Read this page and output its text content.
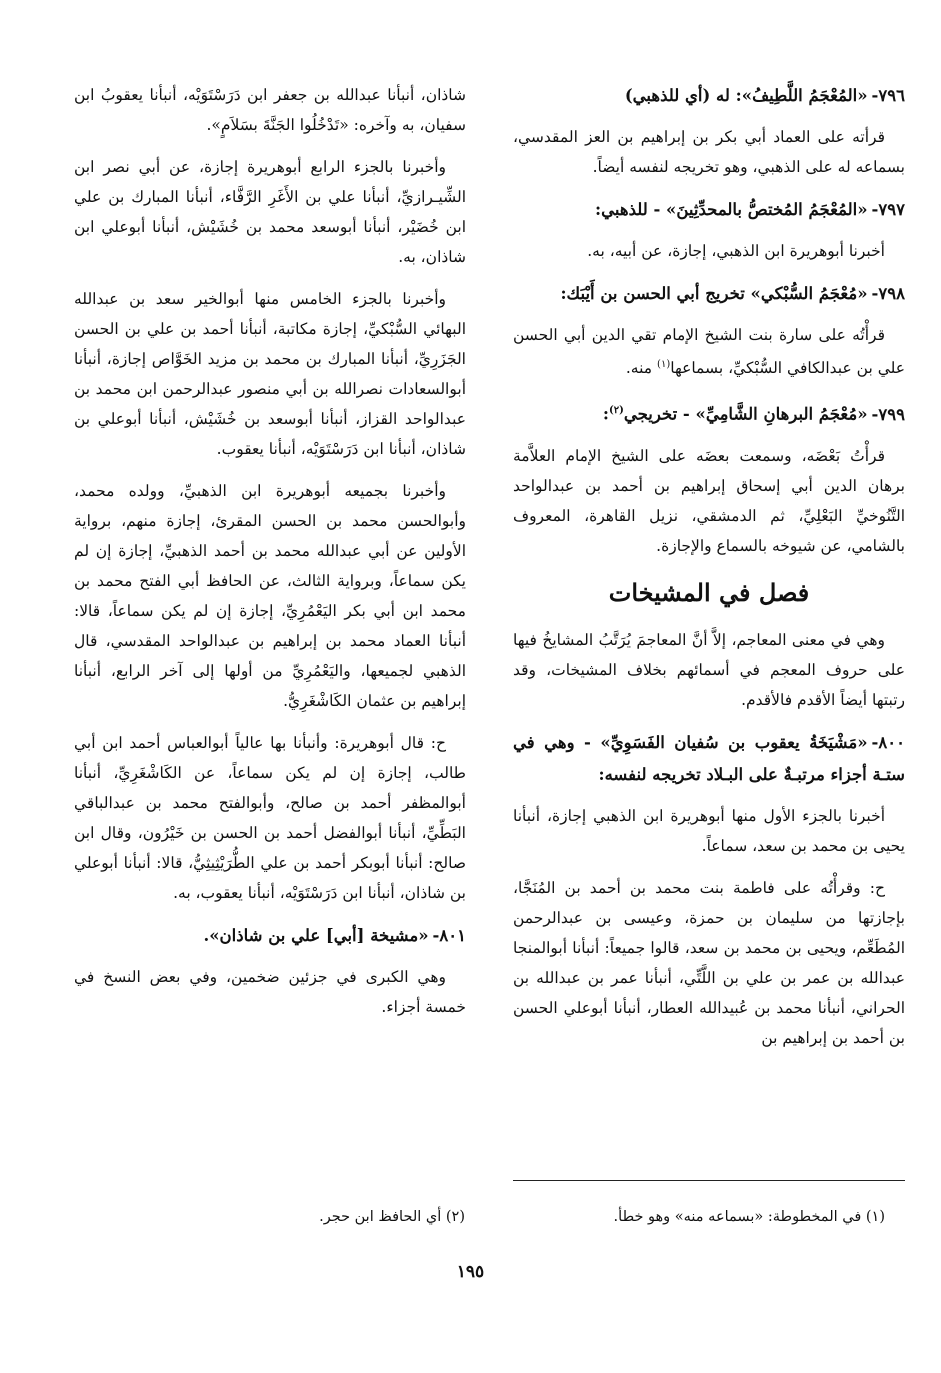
٧٩٦-«المُعْجَمُ اللَّطِيفُ»: له (أي للذهبي)

قرأته على العماد أبي بكر بن إبراهيم بن العز المقدسي، بسماعه له على الذهبي، وهو تخريجه لنفسه أيضاً.

٧٩٧-«المُعْجَمُ المُختصُّ بالمحدِّثِينَ» - للذهبي:

أخبرنا أبوهريرة ابن الذهبي، إجازة، عن أبيه، به.

٧٩٨-«مُعْجَمُ السُّبْكي» تخريج أبي الحسن بن أَيْبَك:

قرأْتُه على سارة بنت الشيخ الإمام تقي الدين أبي الحسن علي بن عبدالكافي السُّبْكيِّ، بسماعها$^{(١)}$ منه.

٧٩٩-«مُعْجَمُ البرهانِ الشَّامِيِّ» - تخريجي$^{(٢)}$:

قرأْتُ بَعْضَه، وسمعت بعضَه على الشيخ الإمام العلاَّمة برهان الدين أبي إسحاق إبراهيم بن أحمد بن عبدالواحد التَّنُوخيِّ البَعْلِيِّ، ثم الدمشقي، نزيل القاهرة، المعروف بالشامي، عن شيوخه بالسماع والإجازة.

فصل في المشيخات

وهي في معنى المعاجم، إلاَّ أنَّ المعاجمَ يُرَتَّبُ المشايخُ فيها على حروف المعجم في أسمائهم بخلاف المشيخات، وقد رتبتها أيضاً الأقدم فالأقدم.

٨٠٠-«مَشْيَخَةُ يعقوب بن سُفيان الفَسَوِيِّ» - وهي في ستـة أجزاء مرتبـةٌ على البـلاد تخريجه لنفسه:

أخبرنا بالجزء الأول منها أبوهريرة ابن الذهبي إجازة، أنبأنا يحيى بن محمد بن سعد، سماعاً.

ح: وقرأْتُه على فاطمة بنت محمد بن أحمد بن المُنَجَّا، بإجازتها من سليمان بن حمزة، وعيسى بن عبدالرحمن المُطَعِّم، ويحيى بن محمد بن سعد، قالوا جميعاً: أنبأنا أبوالمنجا عبدالله بن عمر بن علي بن اللَّتِّي، أنبأنا عمر بن عبدالله بن الحراني، أنبأنا محمد بن عُبيدالله العطار، أنبأنا أبوعلي الحسن بن أحمد بن إبراهيم بن

شاذان، أنبأنا عبدالله بن جعفر ابن دَرَسْتَوَيْه، أنبأنا يعقوبُ ابن سفيان، به وآخره: «تَدْخُلُوا الجَنَّةَ بسَلاَمٍ».

وأخبرنا بالجزء الرابع أبوهريرة إجازة، عن أبي نصر ابن الشِّيـرازيِّ، أنبأنا علي بن الأَغَرِ الرَّفَّاء، أنبأنا المبارك بن علي ابن خُضَيْر، أنبأنا أبوسعد محمد بن خُشَيْش، أنبأنا أبوعلي ابن شاذان، به.

وأخبرنا بالجزء الخامس منها أبوالخير سعد بن عبدالله البهائي السُّبْكيِّ، إجازة مكاتبة، أنبأنا أحمد بن علي بن الحسن الجَزَرِيِّ، أنبأنا المبارك بن محمد بن مزيد الخَوَّاص إجازة، أنبأنا أبوالسعادات نصرالله بن أبي منصور عبدالرحمن ابن محمد بن عبدالواحد القزاز، أنبأنا أبوسعد بن خُشَيْش، أنبأنا أبوعلي بن شاذان، أنبأنا ابن دَرَسْتَوَيْه، أنبأنا يعقوب.

وأخبرنا بجميعه أبوهريرة ابن الذهبيِّ، وولده محمد، وأبوالحسن محمد بن الحسن المقرئ، إجازة منهم، برواية الأولين عن أبي عبدالله محمد بن أحمد الذهبيِّ، إجازة إن لم يكن سماعاً، وبرواية الثالث، عن الحافظ أبي الفتح محمد بن محمد ابن أبي بكر اليَعْمُرِيِّ، إجازة إن لم يكن سماعاً، قالا: أنبأنا العماد محمد بن إبراهيم بن عبدالواحد المقدسي، قال الذهبي لجميعها، واليَعْمُرِيِّ من أولها إلى آخر الرابع، أنبأنا إبراهيم بن عثمان الكَاشْغَرِيُّ.

ح: قال أبوهريرة: وأنبأنا بها عالياً أبوالعباس أحمد ابن أبي طالب، إجازة إن لم يكن سماعاً، عن الكَاشْغَرِيِّ، أنبأنا أبوالمظفر أحمد بن صالح، وأبوالفتح محمد بن عبدالباقي البَطِّيِّ، أنبأنا أبوالفضل أحمد بن الحسن بن خَيْرُون، وقال ابن صالح: أنبأنا أبوبكر أحمد بن علي الطُّرَيْثِيثِيُّ، قالا: أنبأنا أبوعلي بن شاذان، أنبأنا ابن دَرَسْتَوَيْه، أنبأنا يعقوب، به.

٨٠١-«مشيخة [أبي] علي بن شاذان».

وهي الكبرى في جزئين ضخمين، وفي بعض النسخ في خمسة أجزاء.

(١) في المخطوطة: «بسماعه منه» وهو خطأ.
(٢) أي الحافظ ابن حجر.
١٩٥
